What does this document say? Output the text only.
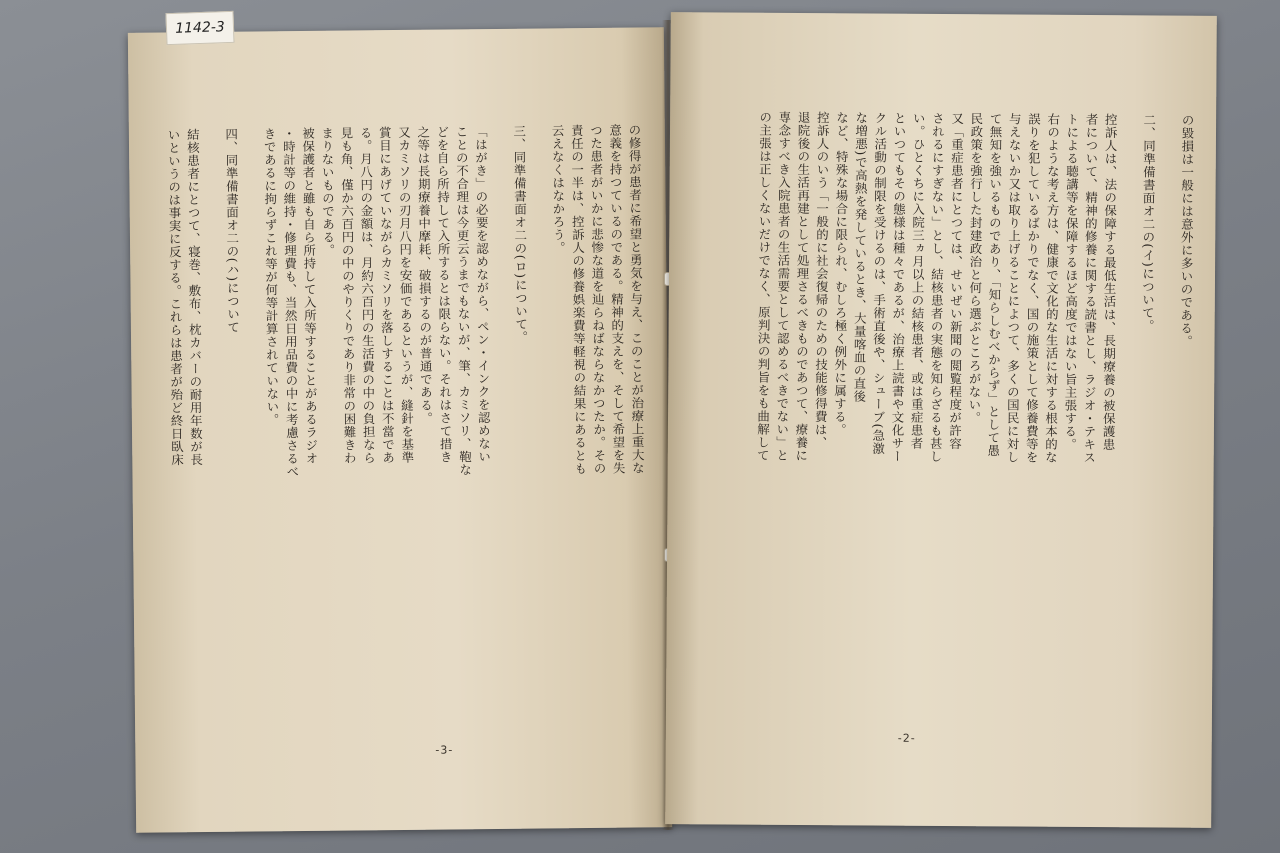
の修得が患者に希望と勇気を与え、このことが治療上重大な
意義を持つているのである。精神的支えを、そして希望を失
つた患者がいかに悲惨な道を辿らねばならなかつたか。その
責任の一半は、控訴人の修養娯楽費等軽視の結果にあるとも
云えなくはなかろう。
三、同準備書面オ二の(ロ)について。
「はがき」の必要を認めながら、ペン・インクを認めない
ことの不合理は今更云うまでもないが、筆、カミソリ、鞄な
どを自ら所持して入所するとは限らない。それはさて措き
之等は長期療養中摩耗、破損するのが普通である。
又カミソリの刃月八円を安価であるというが、縫針を基準
賞目にあげていながらカミソリを落しすることは不當であ
る。月八円の金額は、月約六百円の生活費の中の負担なら
見も角、僅か六百円の中のやりくりであり非常の困難きわ
まりないものである。
被保護者と雖も自ら所持して入所等することがあるラジオ
・時計等の維持・修理費も、当然日用品費の中に考慮さるべ
きであるに拘らずこれ等が何等計算されていない。
四、同準備書面オ二の(ハ)について
結核患者にとつて、寝巻、敷布、枕カバーの耐用年数が長
いというのは事実に反する。これらは患者が殆ど終日臥床
-3-
の毀損は一般には意外に多いのである。
二、同準備書面オ二の(イ)について。
控訴人は、法の保障する最低生活は、長期療養の被保護患
者について、精神的修養に関する読書とし、ラジオ・テキス
トによる聴講等を保障するほど高度ではない旨主張する。
右のような考え方は、健康で文化的な生活に対する根本的な
誤りを犯しているばかりでなく、国の施策として修養費等を
与えないか又は取り上げることによつて、多くの国民に対し
て無知を強いるものであり、「知らしむべからず」として愚
民政策を強行した封建政治と何ら選ぶところがない。
又「重症患者にとつては、せいぜい新聞の閲覧程度が許容
されるにすぎない」とし、結核患者の実態を知らざるも甚し
い。ひとくちに入院三ヵ月以上の結核患者、或は重症患者
といつてもその態様は種々であるが、治療上読書や文化サー
クル活動の制限を受けるのは、手術直後や、シューブ(急激
な増悪)で高熱を発しているとき、大量喀血の直後
など、特殊な場合に限られ、むしろ極く例外に属する。
控訴人のいう「一般的に社会復帰のための技能修得費は、
退院後の生活再建として処理さるべきものであつて、療養に
専念すべき入院患者の生活需要として認めるべきでない」と
の主張は正しくないだけでなく、原判決の判旨をも曲解して
-2-
1142-3
